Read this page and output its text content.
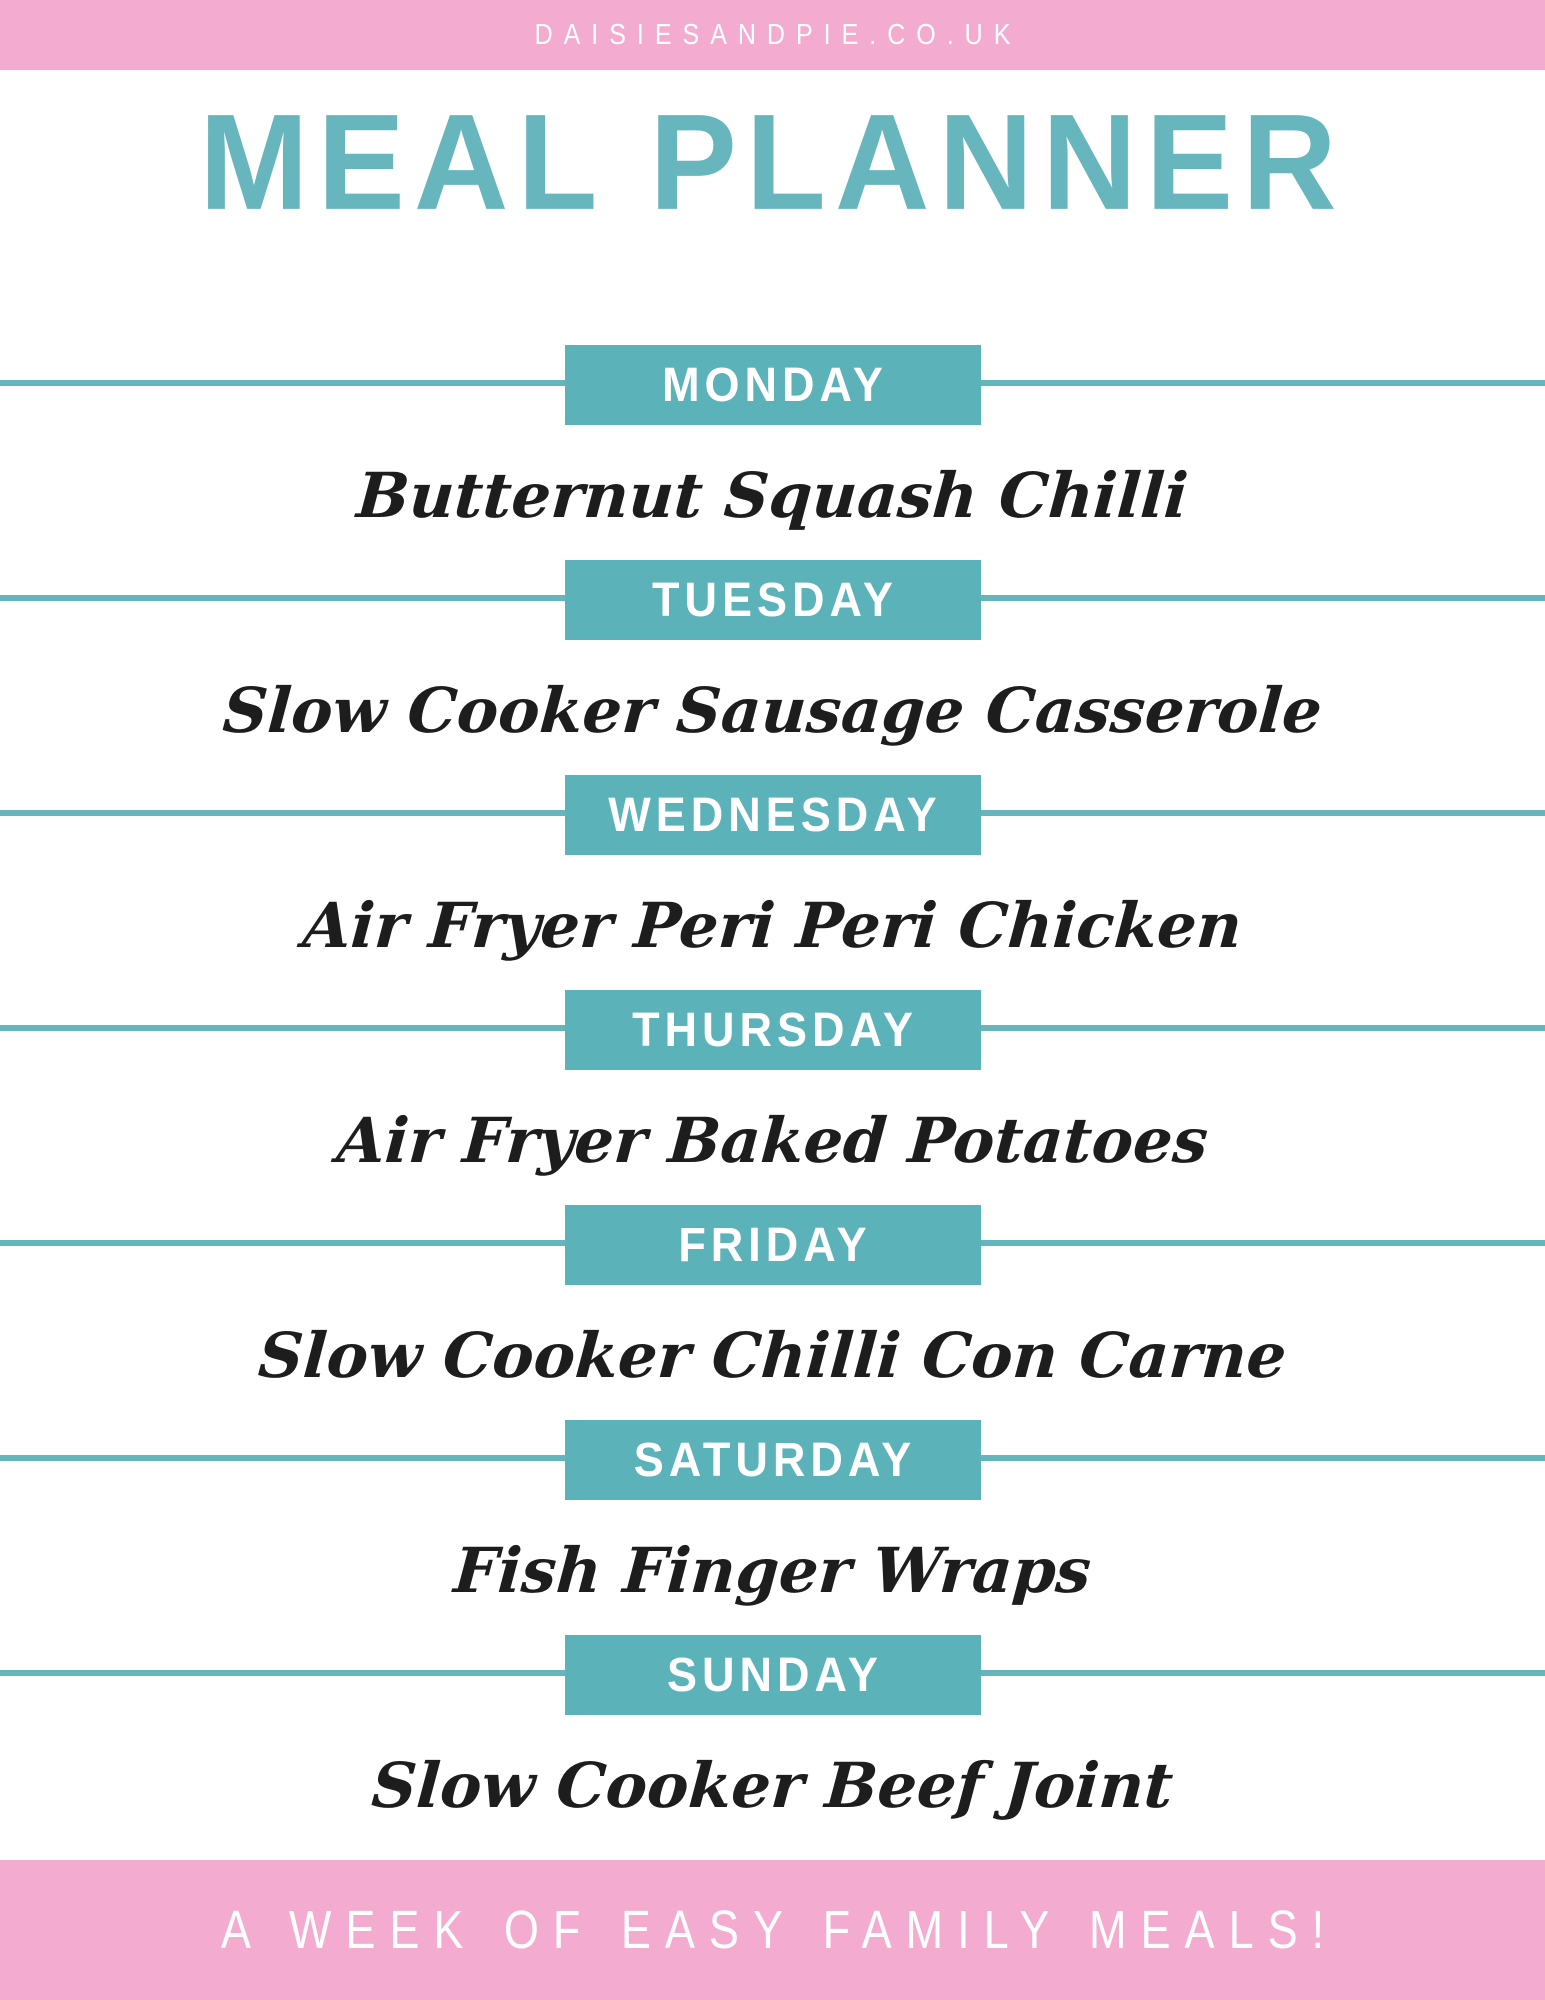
DAISIESANDPIE.CO.UK
MEAL PLANNER
MONDAY
Butternut Squash Chilli
TUESDAY
Slow Cooker Sausage Casserole
WEDNESDAY
Air Fryer Peri Peri Chicken
THURSDAY
Air Fryer Baked Potatoes
FRIDAY
Slow Cooker Chilli Con Carne
SATURDAY
Fish Finger Wraps
SUNDAY
Slow Cooker Beef Joint
A WEEK OF EASY FAMILY MEALS!
